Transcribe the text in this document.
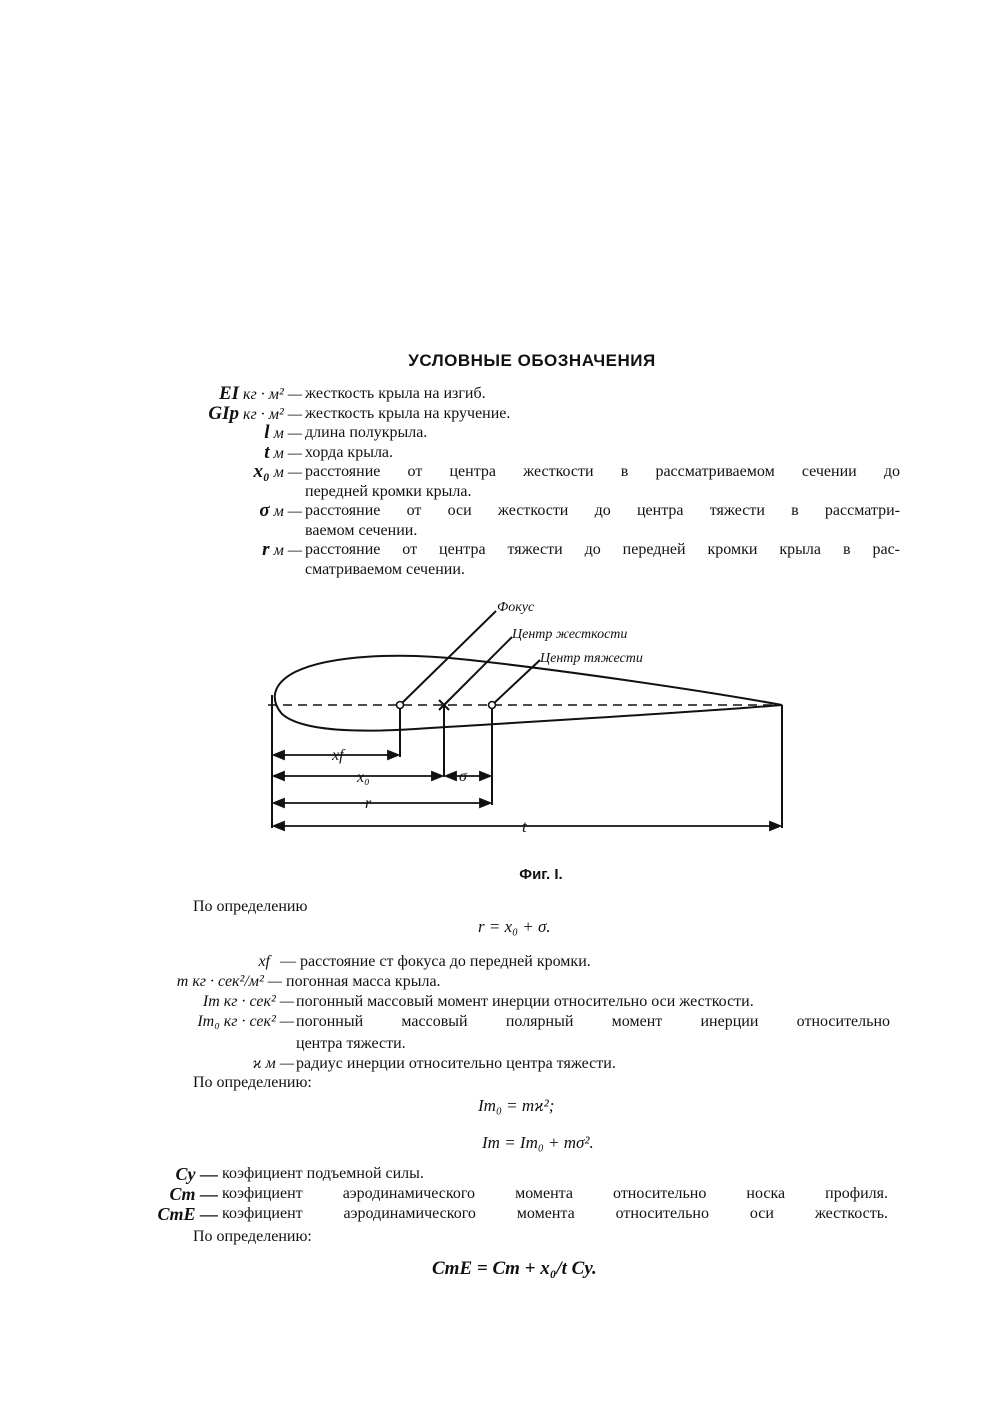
УСЛОВНЫЕ ОБОЗНАЧЕНИЯ
EI кг · м² — жесткость крыла на изгиб.
GIp кг · м² — жесткость крыла на кручение.
l м — длина полукрыла.
t м — хорда крыла.
x₀ м — расстояние от центра жесткости в рассматриваемом сечении до
передней кромки крыла.
σ м — расстояние от оси жесткости до центра тяжести в рассматри-
ваемом сечении.
r м — расстояние от центра тяжести до передней кромки крыла в рас-
сматриваемом сечении.
Фокус
Центр жесткости
Центр тяжести
xf
x₀	σ
r
t
Фиг. I.
По определению
r = x₀ + σ.
xf — расстояние ст фокуса до передней кромки.
m кг · сек²/м² — погонная масса крыла.
Im кг · сек² — погонный массовый момент инерции относительно оси жесткости.
Im₀ кг · сек² — погонный массовый полярный момент инерции относительно
центра тяжести.
ϰ м — радиус инерции относительно центра тяжести.
По определению:
Im₀ = mϰ²;
Im = Im₀ + mσ².
Cy — коэфициент подъемной силы.
Cm — коэфициент аэродинамического момента относительно носка профиля.
CmE — коэфициент аэродинамического момента относительно оси жесткость.
По определению:
CmE = Cm + x₀/t Cy.
